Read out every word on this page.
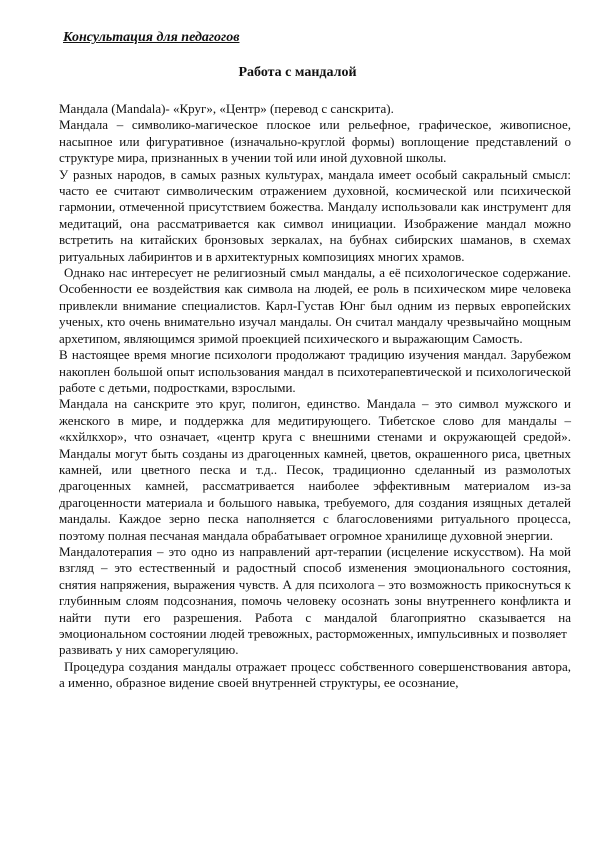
Консультация для педагогов

Работа с мандалой

Мандала (Mandala)- «Круг», «Центр» (перевод с санскрита).

Мандала – символико-магическое плоское или рельефное, графическое, живописное, насыпное или фигуративное (изначально-круглой формы) воплощение представлений о структуре мира, признанных в учении той или иной духовной школы.

У разных народов, в самых разных культурах, мандала имеет особый сакральный смысл: часто ее считают символическим отражением духовной, космической или психической гармонии, отмеченной присутствием божества. Мандалу использовали как инструмент для медитаций, она рассматривается как символ инициации. Изображение мандал можно встретить на китайских бронзовых зеркалах, на бубнах сибирских шаманов, в схемах ритуальных лабиринтов и в архитектурных композициях многих храмов.

Однако нас интересует не религиозный смыл мандалы, а её психологическое содержание. Особенности ее воздействия как символа на людей, ее роль в психическом мире человека привлекли внимание специалистов. Карл-Густав Юнг был одним из первых европейских ученых, кто очень внимательно изучал мандалы. Он считал мандалу чрезвычайно мощным архетипом, являющимся зримой проекцией психического и выражающим Самость.

В настоящее время многие психологи продолжают традицию изучения мандал. Зарубежом накоплен большой опыт использования мандал в психотерапевтической и психологической работе с детьми, подростками, взрослыми.

Мандала на санскрите это круг, полигон, единство. Мандала – это символ мужского и женского в мире, и поддержка для медитирующего. Тибетское слово для мандалы – «кхйлкхор», что означает, «центр круга с внешними стенами и окружающей средой». Мандалы могут быть созданы из драгоценных камней, цветов, окрашенного риса, цветных камней, или цветного песка и т.д.. Песок, традиционно сделанный из размолотых драгоценных камней, рассматривается наиболее эффективным материалом из-за драгоценности материала и большого навыка, требуемого, для создания изящных деталей мандалы. Каждое зерно песка наполняется с благословениями ритуального процесса, поэтому полная песчаная мандала обрабатывает огромное хранилище духовной энергии.

Мандалотерапия – это одно из направлений арт-терапии (исцеление искусством). На мой взгляд – это естественный и радостный способ изменения эмоционального состояния, снятия напряжения, выражения чувств. А для психолога – это возможность прикоснуться к глубинным слоям подсознания, помочь человеку осознать зоны внутреннего конфликта и найти пути его разрешения. Работа с мандалой благоприятно сказывается на эмоциональном состоянии людей тревожных, расторможенных, импульсивных и позволяет

развивать у них саморегуляцию.

Процедура создания мандалы отражает процесс собственного совершенствования автора, а именно, образное видение своей внутренней структуры, ее осознание,
